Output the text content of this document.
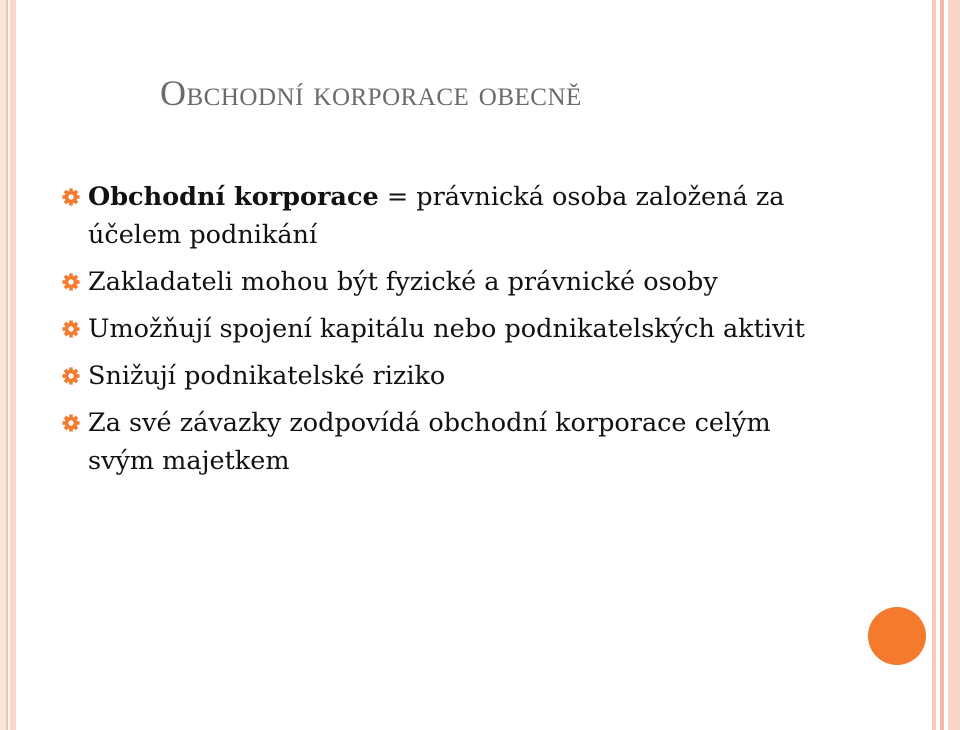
Obchodní korporace obecně
Obchodní korporace = právnická osoba založená za účelem podnikání
Zakladateli mohou být fyzické a právnické osoby
Umožňují spojení kapitálu nebo podnikatelských aktivit
Snižují podnikatelské riziko
Za své závazky zodpovídá obchodní korporace celým svým majetkem
